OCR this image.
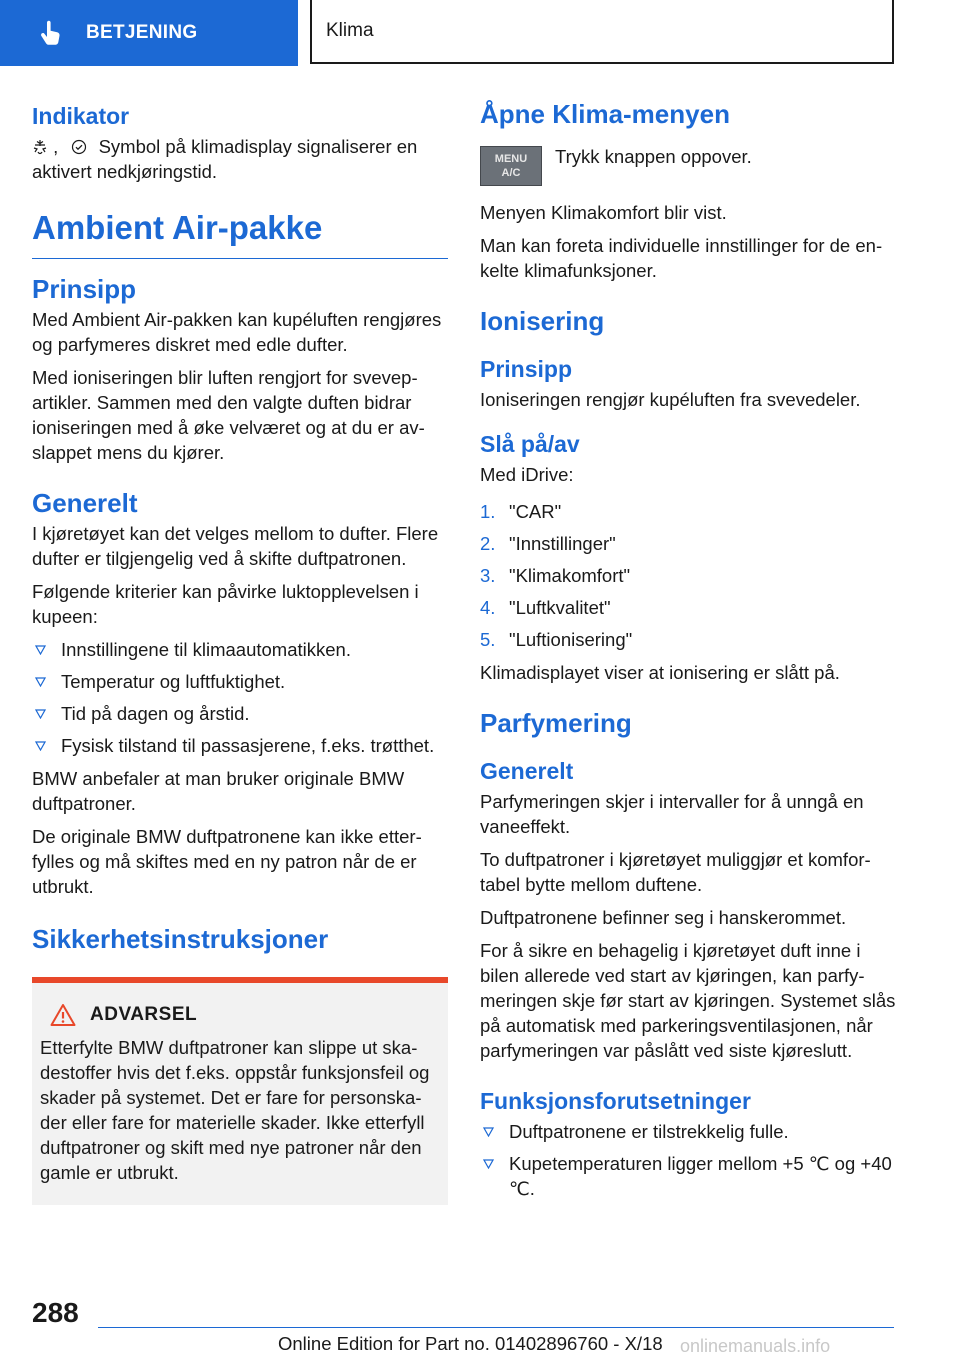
BETJENING	Klima
Indikator

, Symbol på klimadisplay signaliserer en aktivert nedkjøringstid.

Ambient Air-pakke
Prinsipp

Med Ambient Air-pakken kan kupéluften rengjøres og parfymeres diskret med edle dufter.

Med ioniseringen blir luften rengjort for svevepartikler. Sammen med den valgte duften bidrar ioniseringen med å øke velværet og at du er avslappet mens du kjører.

Generelt

I kjøretøyet kan det velges mellom to dufter. Flere dufter er tilgjengelig ved å skifte duftpatronen.

Følgende kriterier kan påvirke luktopplevelsen i kupeen:

Innstillingene til klimaautomatikken.
Temperatur og luftfuktighet.
Tid på dagen og årstid.
Fysisk tilstand til passasjerene, f.eks. trøtthet.

BMW anbefaler at man bruker originale BMW duftpatroner.

De originale BMW duftpatronene kan ikke etterfylles og må skiftes med en ny patron når de er utbrukt.

Sikkerhetsinstruksjoner
ADVARSEL

Etterfylte BMW duftpatroner kan slippe ut skadestoffer hvis det f.eks. oppstår funksjonsfeil og skader på systemet. Det er fare for personskader eller fare for materielle skader. Ikke etterfyll duftpatroner og skift med nye patroner når den gamle er utbrukt.

Åpne Klima-menyen
MENU
A/C

Trykk knappen oppover.

Menyen Klimakomfort blir vist.

Man kan foreta individuelle innstillinger for de enkelte klimafunksjoner.

Ionisering
Prinsipp

Ioniseringen rengjør kupéluften fra svevedeler.

Slå på/av

Med iDrive:

1. "CAR"
2. "Innstillinger"
3. "Klimakomfort"
4. "Luftkvalitet"
5. "Luftionisering"

Klimadisplayet viser at ionisering er slått på.

Parfymering
Generelt

Parfymeringen skjer i intervaller for å unngå en vaneeffekt.

To duftpatroner i kjøretøyet muliggjør et komfortabel bytte mellom duftene.

Duftpatronene befinner seg i hanskerommet.

For å sikre en behagelig i kjøretøyet duft inne i bilen allerede ved start av kjøringen, kan parfymeringen skje før start av kjøringen. Systemet slås på automatisk med parkeringsventilasjonen, når parfymeringen var påslått ved siste kjøreslutt.

Funksjonsforutsetninger
Duftpatronene er tilstrekkelig fulle.
Kupetemperaturen ligger mellom +5 ℃ og +40 ℃.
288
Online Edition for Part no. 01402896760 - X/18 onlinemanuals.info
